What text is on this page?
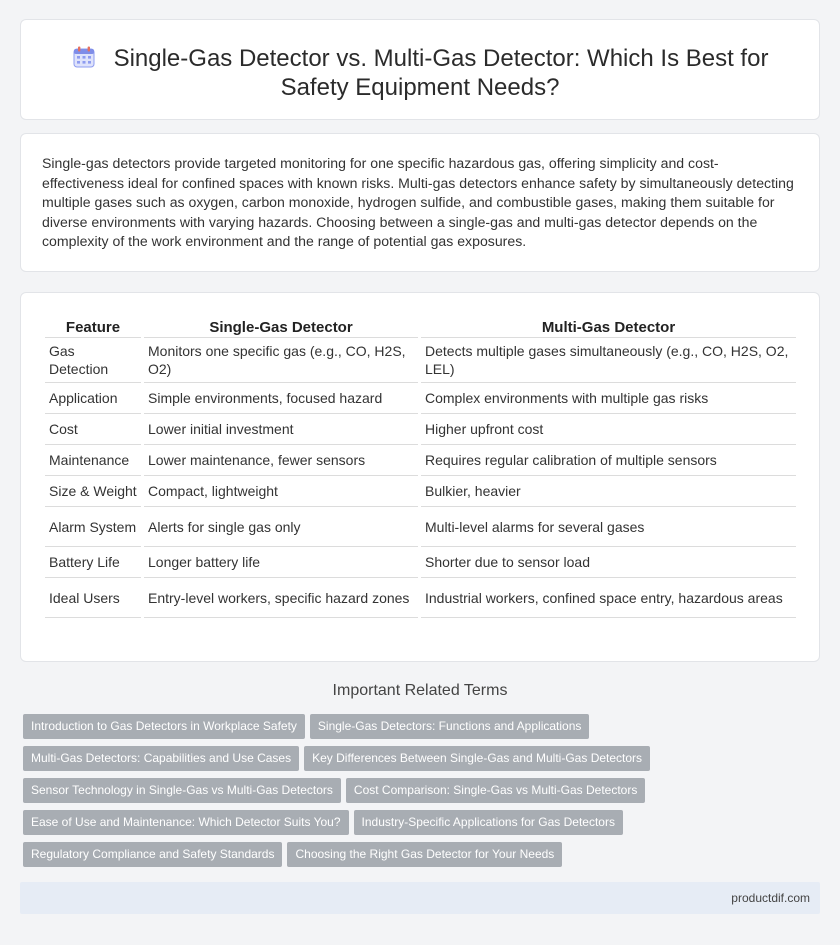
Single-Gas Detector vs. Multi-Gas Detector: Which Is Best for Safety Equipment Needs?

Single-gas detectors provide targeted monitoring for one specific hazardous gas, offering simplicity and cost-effectiveness ideal for confined spaces with known risks. Multi-gas detectors enhance safety by simultaneously detecting multiple gases such as oxygen, carbon monoxide, hydrogen sulfide, and combustible gases, making them suitable for diverse environments with varying hazards. Choosing between a single-gas and multi-gas detector depends on the complexity of the work environment and the range of potential gas exposures.

Feature	Single-Gas Detector	Multi-Gas Detector
Gas Detection	Monitors one specific gas (e.g., CO, H2S, O2)	Detects multiple gases simultaneously (e.g., CO, H2S, O2, LEL)
Application	Simple environments, focused hazard	Complex environments with multiple gas risks
Cost	Lower initial investment	Higher upfront cost
Maintenance	Lower maintenance, fewer sensors	Requires regular calibration of multiple sensors
Size & Weight	Compact, lightweight	Bulkier, heavier
Alarm System	Alerts for single gas only	Multi-level alarms for several gases
Battery Life	Longer battery life	Shorter due to sensor load
Ideal Users	Entry-level workers, specific hazard zones	Industrial workers, confined space entry, hazardous areas
Important Related Terms
Introduction to Gas Detectors in Workplace Safety Single-Gas Detectors: Functions and Applications
Multi-Gas Detectors: Capabilities and Use Cases Key Differences Between Single-Gas and Multi-Gas Detectors
Sensor Technology in Single-Gas vs Multi-Gas Detectors Cost Comparison: Single-Gas vs Multi-Gas Detectors
Ease of Use and Maintenance: Which Detector Suits You? Industry-Specific Applications for Gas Detectors
Regulatory Compliance and Safety Standards Choosing the Right Gas Detector for Your Needs
productdif.com
